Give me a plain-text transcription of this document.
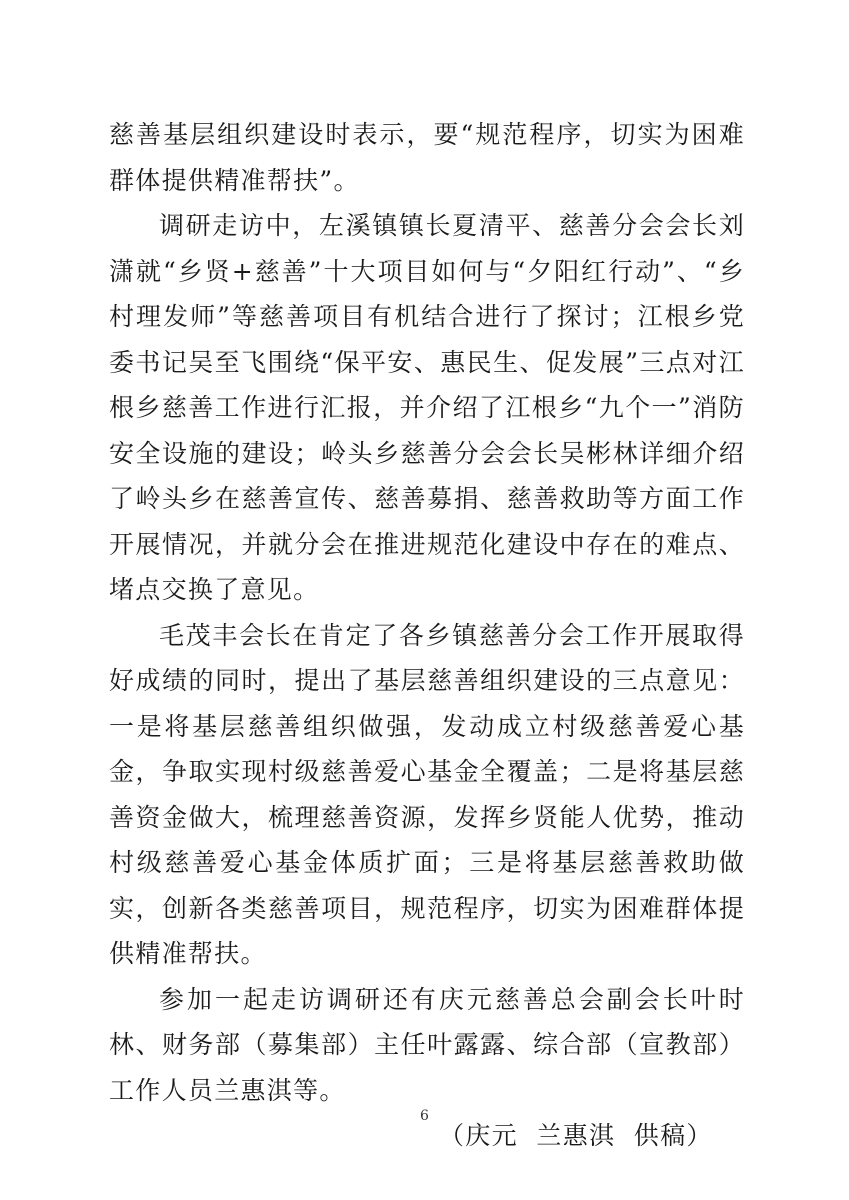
慈善基层组织建设时表示，要“规范程序，切实为困难群体提供精准帮扶”。

调研走访中，左溪镇镇长夏清平、慈善分会会长刘潇就“乡贤+慈善”十大项目如何与“夕阳红行动”、“乡村理发师”等慈善项目有机结合进行了探讨；江根乡党委书记吴至飞围绕“保平安、惠民生、促发展”三点对江根乡慈善工作进行汇报，并介绍了江根乡“九个一”消防安全设施的建设；岭头乡慈善分会会长吴彬林详细介绍了岭头乡在慈善宣传、慈善募捐、慈善救助等方面工作开展情况，并就分会在推进规范化建设中存在的难点、堵点交换了意见。

毛茂丰会长在肯定了各乡镇慈善分会工作开展取得好成绩的同时，提出了基层慈善组织建设的三点意见：一是将基层慈善组织做强，发动成立村级慈善爱心基金，争取实现村级慈善爱心基金全覆盖；二是将基层慈善资金做大，梳理慈善资源，发挥乡贤能人优势，推动村级慈善爱心基金体质扩面；三是将基层慈善救助做实，创新各类慈善项目，规范程序，切实为困难群体提供精准帮扶。

参加一起走访调研还有庆元慈善总会副会长叶时林、财务部（募集部）主任叶露露、综合部（宣教部）工作人员兰惠淇等。

（庆元  兰惠淇  供稿）

6
